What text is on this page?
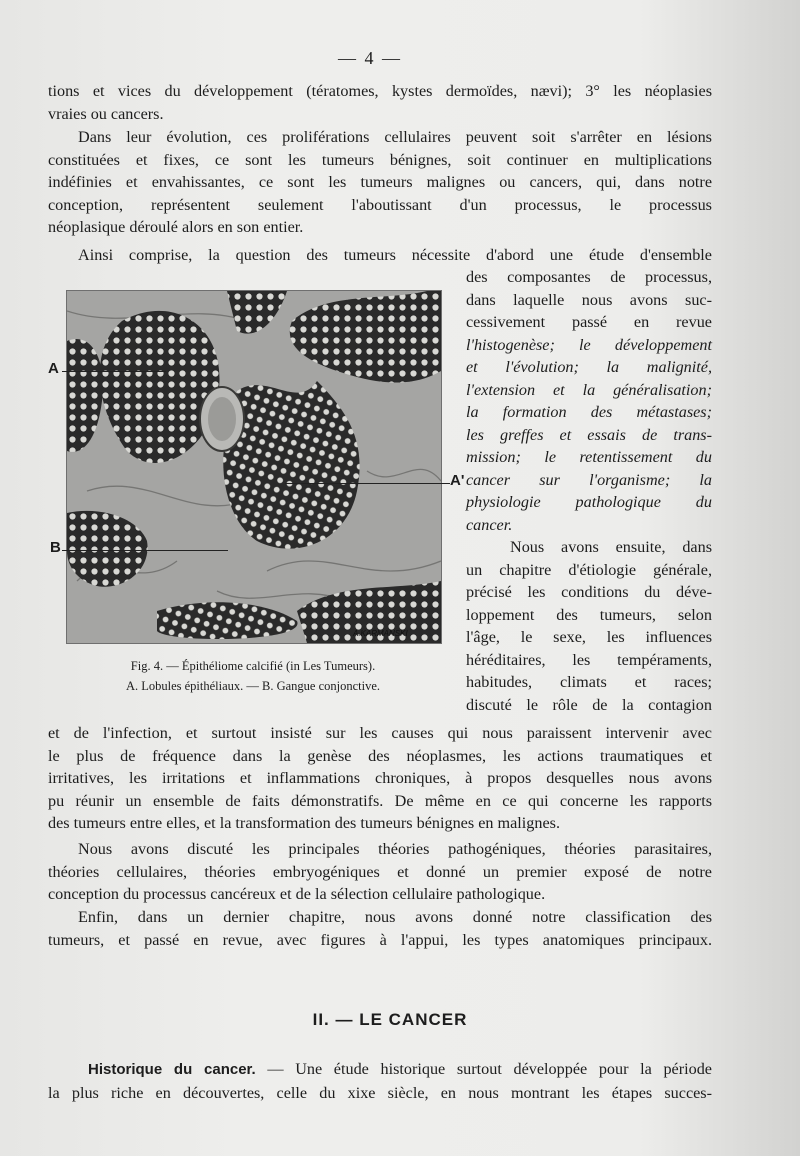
— 4 —
tions et vices du développement (tératomes, kystes dermoïdes, nævi); 3° les néoplasies
vraies ou cancers.
Dans leur évolution, ces proliférations cellulaires peuvent soit s'arrêter en lésions
constituées et fixes, ce sont les tumeurs bénignes, soit continuer en multiplications
indéfinies et envahissantes, ce sont les tumeurs malignes ou cancers, qui, dans notre
conception, représentent seulement l'aboutissant d'un processus, le processus
néoplasique déroulé alors en son entier.
Ainsi comprise, la question des tumeurs nécessite d'abord une étude d'ensemble
des composantes de processus,
dans laquelle nous avons suc-
cessivement passé en revue
l'histogenèse; le développement
et l'évolution; la malignité,
l'extension et la généralisation;
la formation des métastases;
les greffes et essais de trans-
mission; le retentissement du
cancer sur l'organisme; la
physiologie pathologique du
cancer.
Nous avons ensuite, dans
un chapitre d'étiologie générale,
précisé les conditions du déve-
loppement des tumeurs, selon
l'âge, le sexe, les influences
héréditaires, les tempéraments,
habitudes, climats et races;
discuté le rôle de la contagion
A.KARMANSKI
A
A'
B
Fig. 4. — Épithéliome calcifié (in Les Tumeurs).
A. Lobules épithéliaux. — B. Gangue conjonctive.
et de l'infection, et surtout insisté sur les causes qui nous paraissent intervenir avec
le plus de fréquence dans la genèse des néoplasmes, les actions traumatiques et
irritatives, les irritations et inflammations chroniques, à propos desquelles nous avons
pu réunir un ensemble de faits démonstratifs. De même en ce qui concerne les rapports
des tumeurs entre elles, et la transformation des tumeurs bénignes en malignes.
Nous avons discuté les principales théories pathogéniques, théories parasitaires,
théories cellulaires, théories embryogéniques et donné un premier exposé de notre
conception du processus cancéreux et de la sélection cellulaire pathologique.
Enfin, dans un dernier chapitre, nous avons donné notre classification des
tumeurs, et passé en revue, avec figures à l'appui, les types anatomiques principaux.
II. — LE CANCER
Historique du cancer. — Une étude historique surtout développée pour la période
la plus riche en découvertes, celle du xixe siècle, en nous montrant les étapes succes-
